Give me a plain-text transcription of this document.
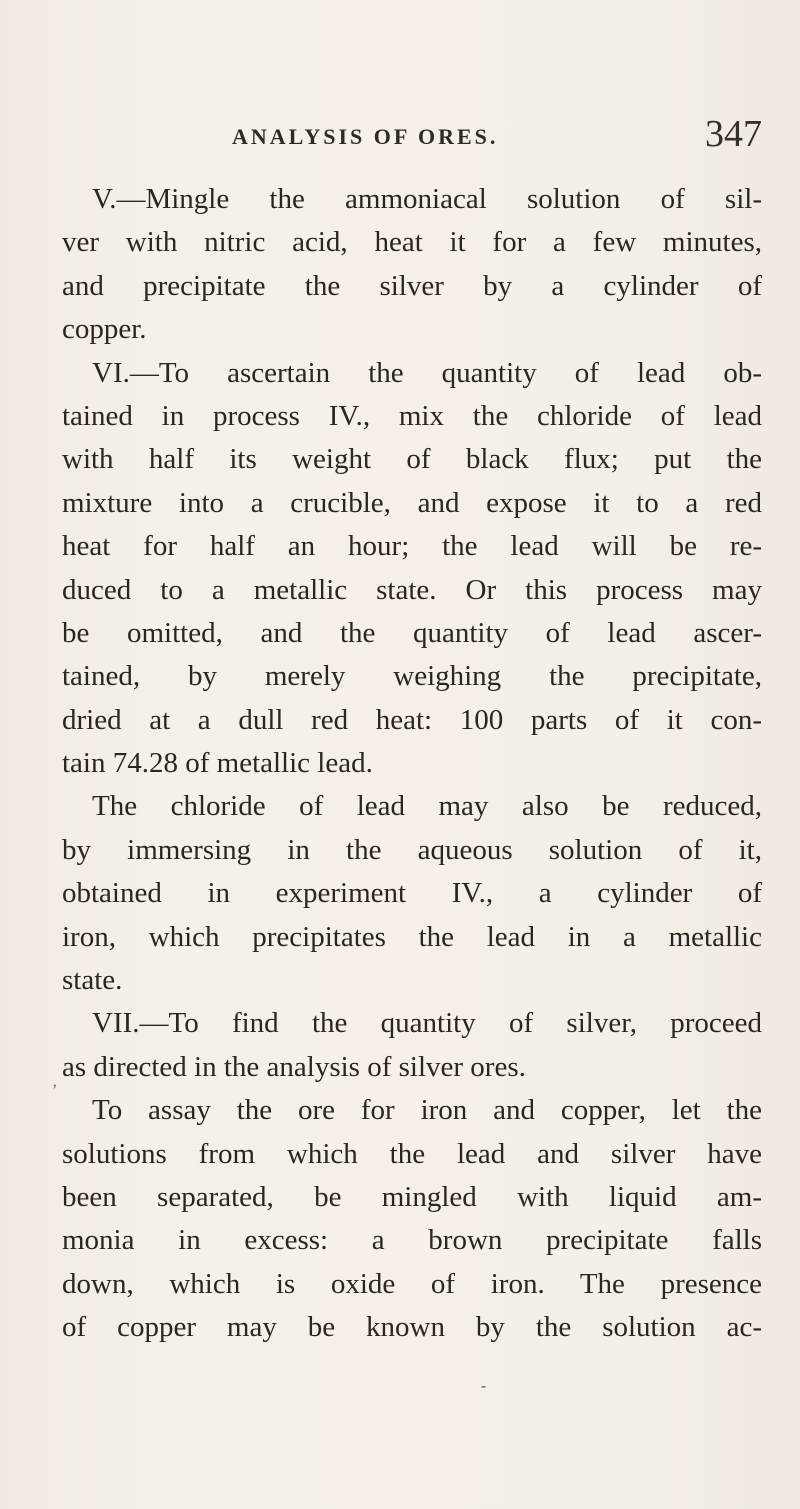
ANALYSIS OF ORES.	347
V.—Mingle the ammoniacal solution of sil-
ver with nitric acid, heat it for a few minutes,
and precipitate the silver by a cylinder of
copper.
VI.—To ascertain the quantity of lead ob-
tained in process IV., mix the chloride of lead
with half its weight of black flux; put the
mixture into a crucible, and expose it to a red
heat for half an hour; the lead will be re-
duced to a metallic state. Or this process may
be omitted, and the quantity of lead ascer-
tained, by merely weighing the precipitate,
dried at a dull red heat: 100 parts of it con-
tain 74.28 of metallic lead.
The chloride of lead may also be reduced,
by immersing in the aqueous solution of it,
obtained in experiment IV., a cylinder of
iron, which precipitates the lead in a metallic
state.
VII.—To find the quantity of silver, proceed
as directed in the analysis of silver ores.
To assay the ore for iron and copper, let the
solutions from which the lead and silver have
been separated, be mingled with liquid am-
monia in excess: a brown precipitate falls
down, which is oxide of iron. The presence
of copper may be known by the solution ac-
’
⁃
